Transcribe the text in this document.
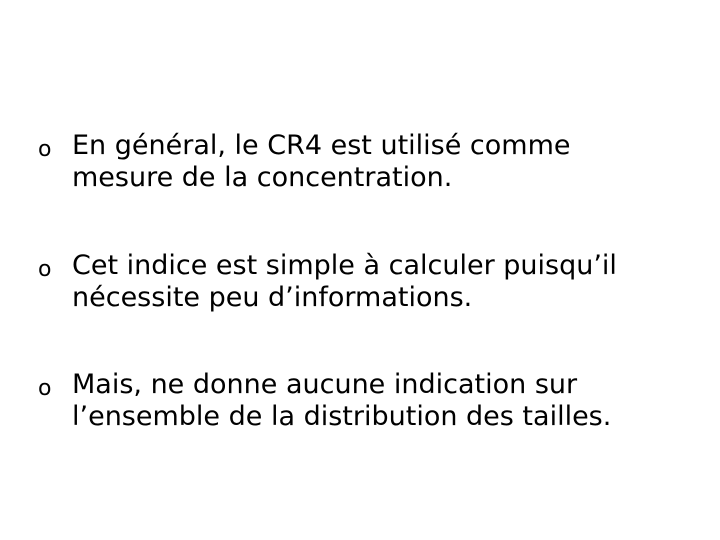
o En général, le CR4 est utilisé comme
mesure de la concentration.
o Cet indice est simple à calculer puisqu’il
nécessite peu d’informations.
o Mais, ne donne aucune indication sur
l’ensemble de la distribution des tailles.
